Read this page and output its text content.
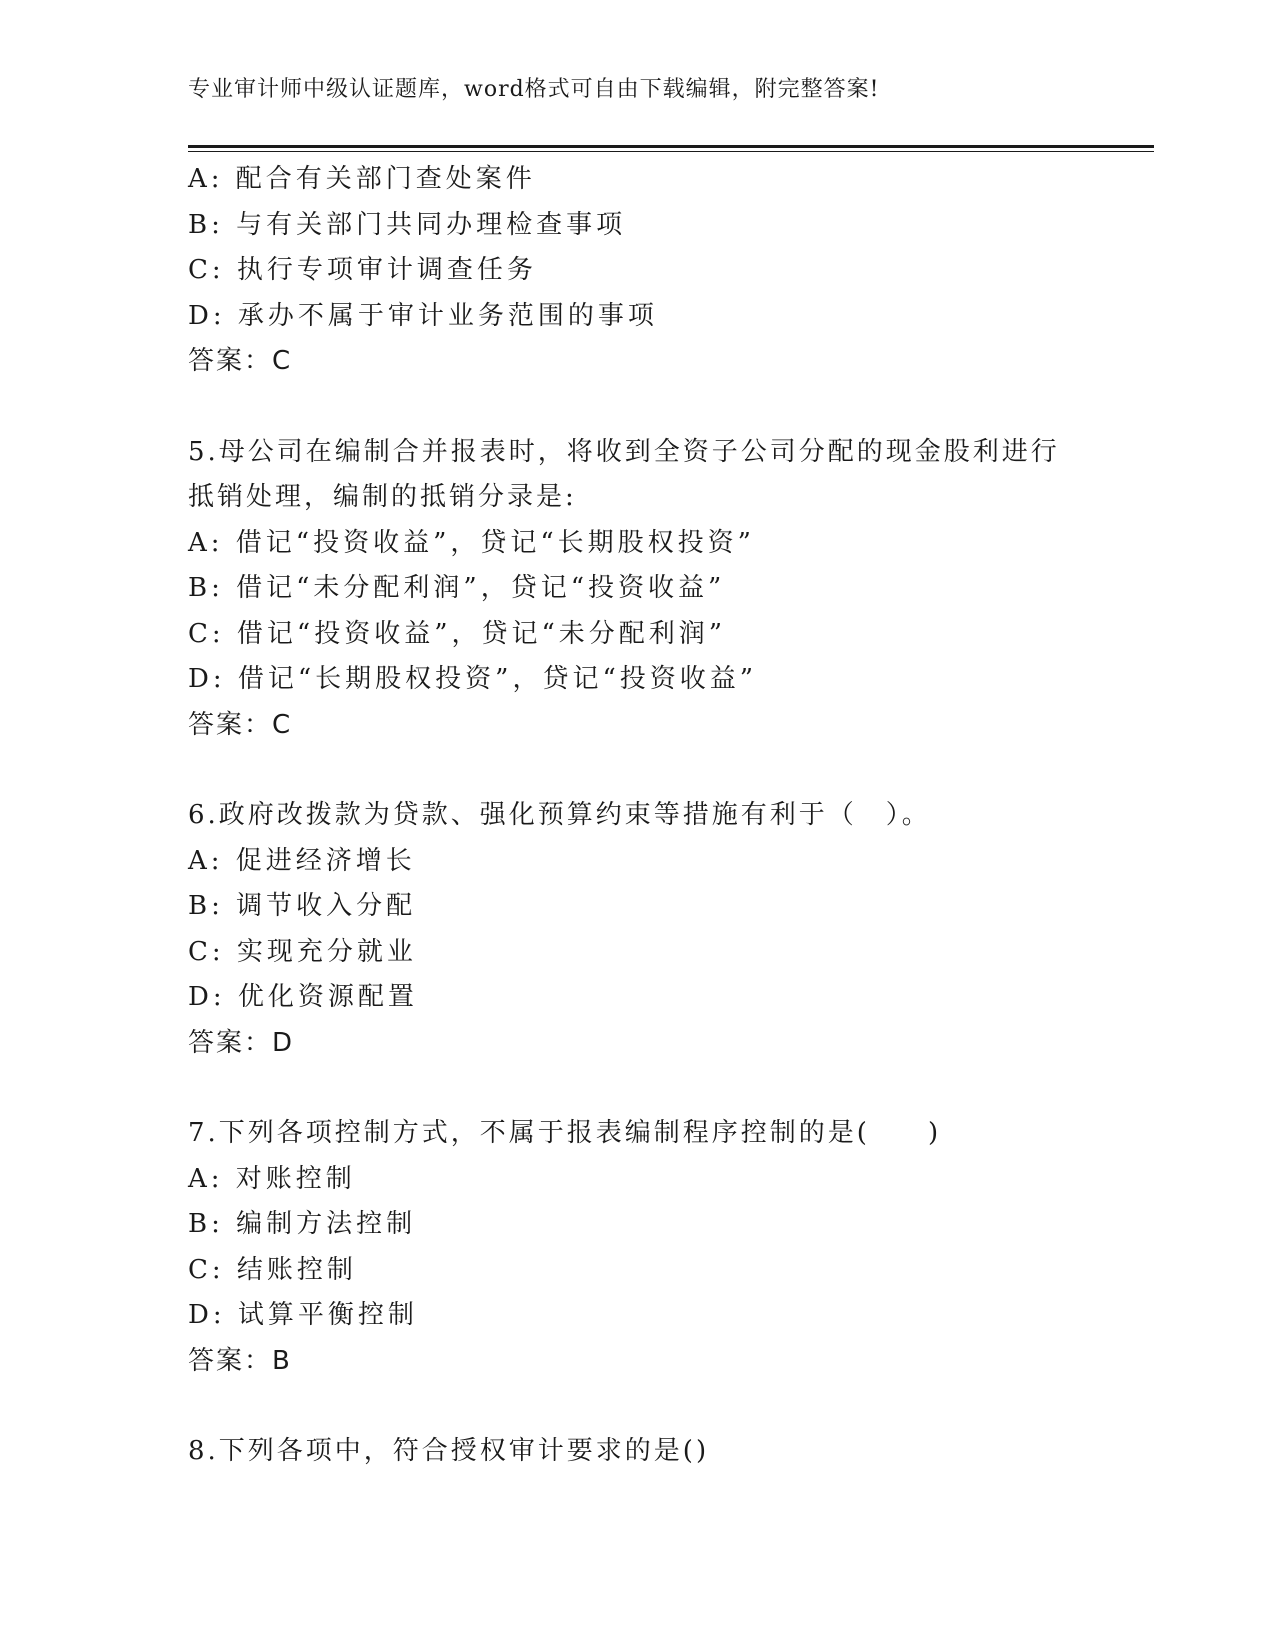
专业审计师中级认证题库，word格式可自由下载编辑，附完整答案!
A: 配合有关部门查处案件
B: 与有关部门共同办理检查事项
C: 执行专项审计调查任务
D: 承办不属于审计业务范围的事项
答案：C
5.母公司在编制合并报表时，将收到全资子公司分配的现金股利进行
抵销处理，编制的抵销分录是:
A: 借记“投资收益”，贷记“长期股权投资”
B: 借记“未分配利润”，贷记“投资收益”
C: 借记“投资收益”，贷记“未分配利润”
D: 借记“长期股权投资”，贷记“投资收益”
答案：C
6.政府改拨款为贷款、强化预算约束等措施有利于（　）。
A: 促进经济增长
B: 调节收入分配
C: 实现充分就业
D: 优化资源配置
答案：D
7.下列各项控制方式，不属于报表编制程序控制的是(　　)
A: 对账控制
B: 编制方法控制
C: 结账控制
D: 试算平衡控制
答案：B
8.下列各项中，符合授权审计要求的是()
